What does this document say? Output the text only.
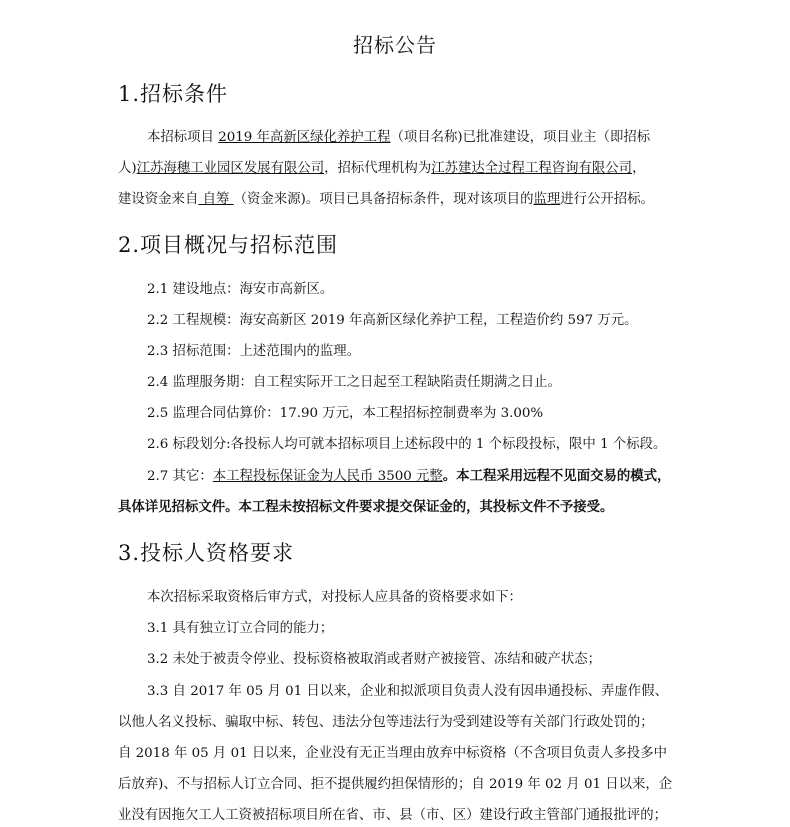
招标公告
1.招标条件
本招标项目 2019 年高新区绿化养护工程（项目名称)已批准建设，项目业主（即招标
人)江苏海穗工业园区发展有限公司，招标代理机构为江苏建达全过程工程咨询有限公司，
建设资金来自 自筹 （资金来源)。项目已具备招标条件，现对该项目的监理进行公开招标。
2.项目概况与招标范围
2.1 建设地点：海安市高新区。
2.2 工程规模：海安高新区 2019 年高新区绿化养护工程，工程造价约 597 万元。
2.3 招标范围：上述范围内的监理。
2.4 监理服务期：自工程实际开工之日起至工程缺陷责任期满之日止。
2.5 监理合同估算价：17.90 万元，本工程招标控制费率为 3.00%
2.6 标段划分:各投标人均可就本招标项目上述标段中的 1 个标段投标，限中 1 个标段。
2.7 其它：本工程投标保证金为人民币 3500 元整。本工程采用远程不见面交易的模式，
具体详见招标文件。本工程未按招标文件要求提交保证金的，其投标文件不予接受。
3.投标人资格要求
本次招标采取资格后审方式，对投标人应具备的资格要求如下：
3.1 具有独立订立合同的能力；
3.2 未处于被责令停业、投标资格被取消或者财产被接管、冻结和破产状态；
3.3 自 2017 年 05 月 01 日以来，企业和拟派项目负责人没有因串通投标、弄虚作假、
以他人名义投标、骗取中标、转包、违法分包等违法行为受到建设等有关部门行政处罚的；
自 2018 年 05 月 01 日以来，企业没有无正当理由放弃中标资格（不含项目负责人多投多中
后放弃)、不与招标人订立合同、拒不提供履约担保情形的；自 2019 年 02 月 01 日以来，企
业没有因拖欠工人工资被招标项目所在省、市、县（市、区）建设行政主管部门通报批评的；
